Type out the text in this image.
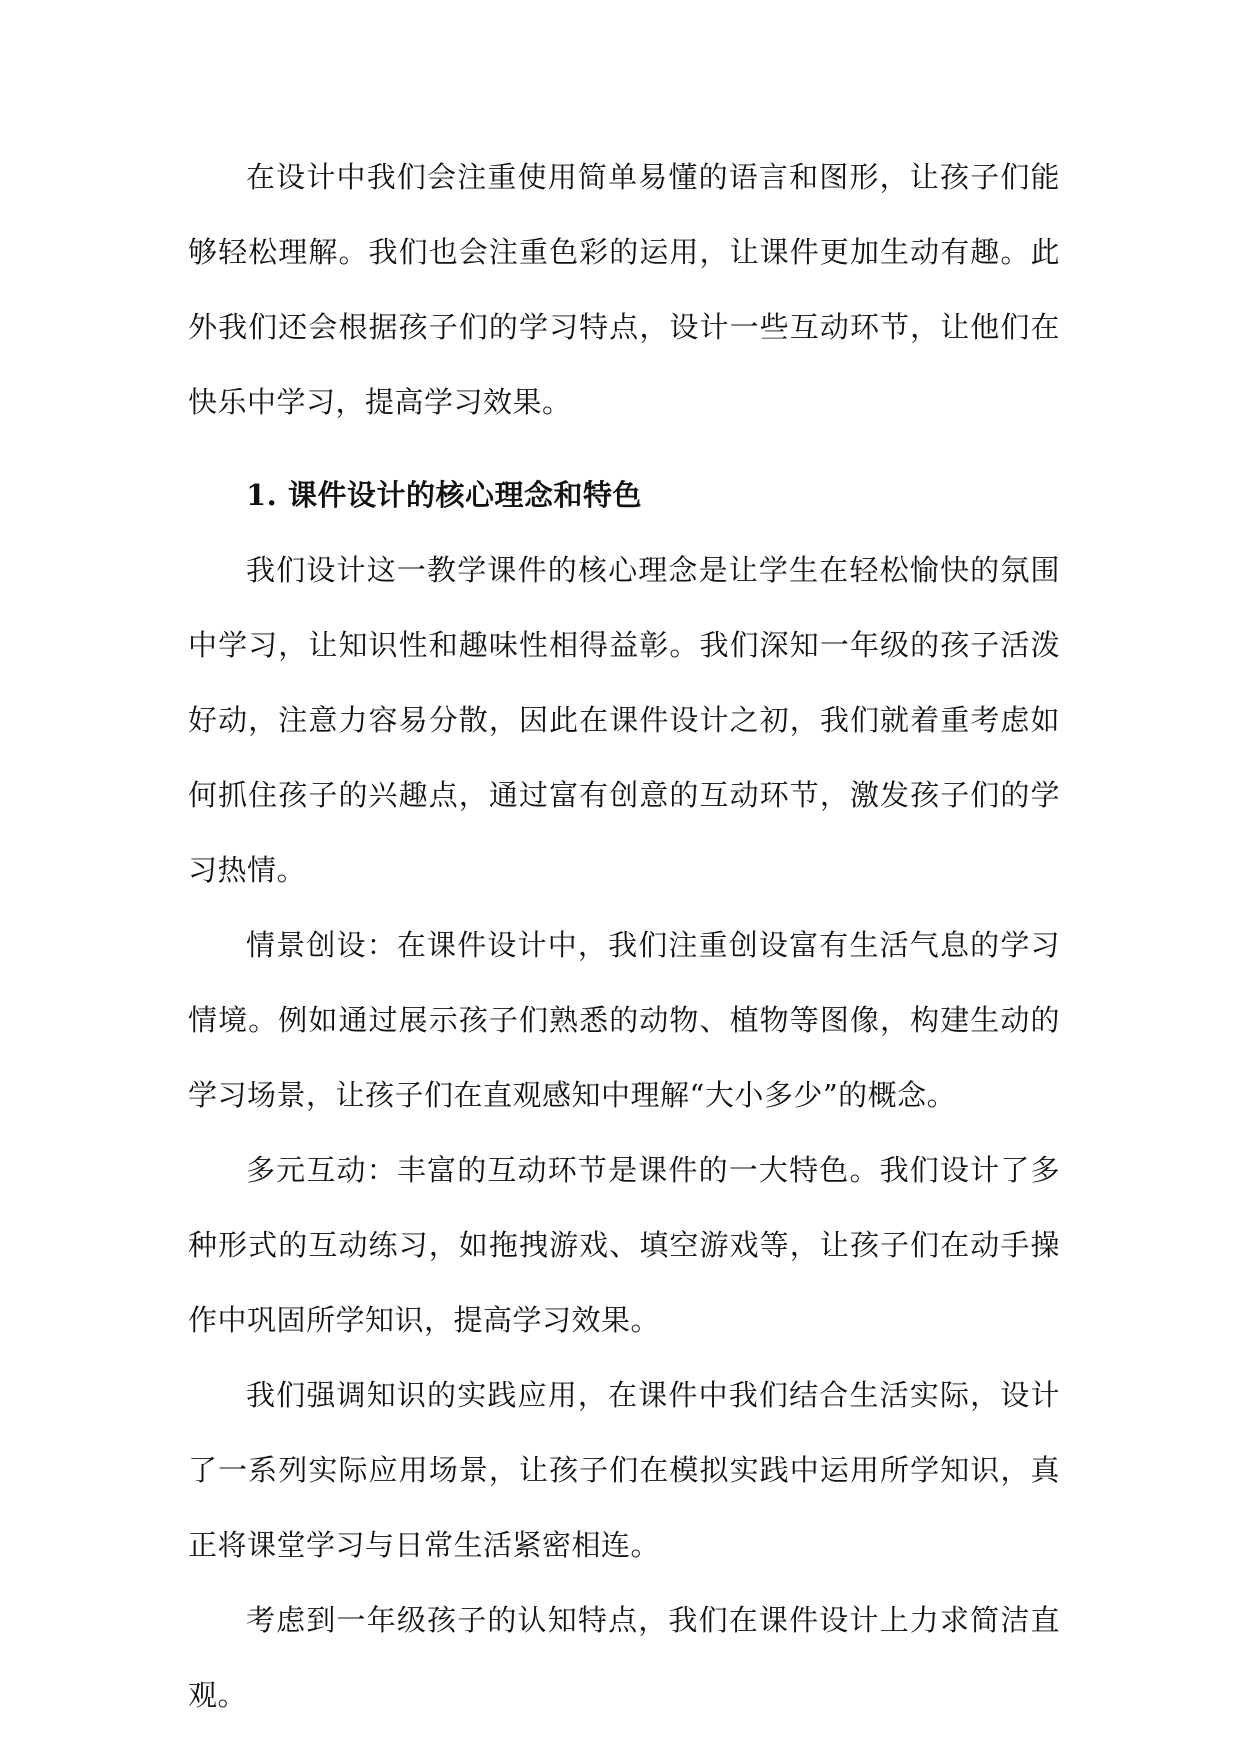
在设计中我们会注重使用简单易懂的语言和图形，让孩子们能够轻松理解。我们也会注重色彩的运用，让课件更加生动有趣。此外我们还会根据孩子们的学习特点，设计一些互动环节，让他们在快乐中学习，提高学习效果。

1. 课件设计的核心理念和特色

我们设计这一教学课件的核心理念是让学生在轻松愉快的氛围中学习，让知识性和趣味性相得益彰。我们深知一年级的孩子活泼好动，注意力容易分散，因此在课件设计之初，我们就着重考虑如何抓住孩子的兴趣点，通过富有创意的互动环节，激发孩子们的学习热情。

情景创设：在课件设计中，我们注重创设富有生活气息的学习情境。例如通过展示孩子们熟悉的动物、植物等图像，构建生动的学习场景，让孩子们在直观感知中理解“大小多少”的概念。

多元互动：丰富的互动环节是课件的一大特色。我们设计了多种形式的互动练习，如拖拽游戏、填空游戏等，让孩子们在动手操作中巩固所学知识，提高学习效果。

我们强调知识的实践应用，在课件中我们结合生活实际，设计了一系列实际应用场景，让孩子们在模拟实践中运用所学知识，真正将课堂学习与日常生活紧密相连。

考虑到一年级孩子的认知特点，我们在课件设计上力求简洁直观。
